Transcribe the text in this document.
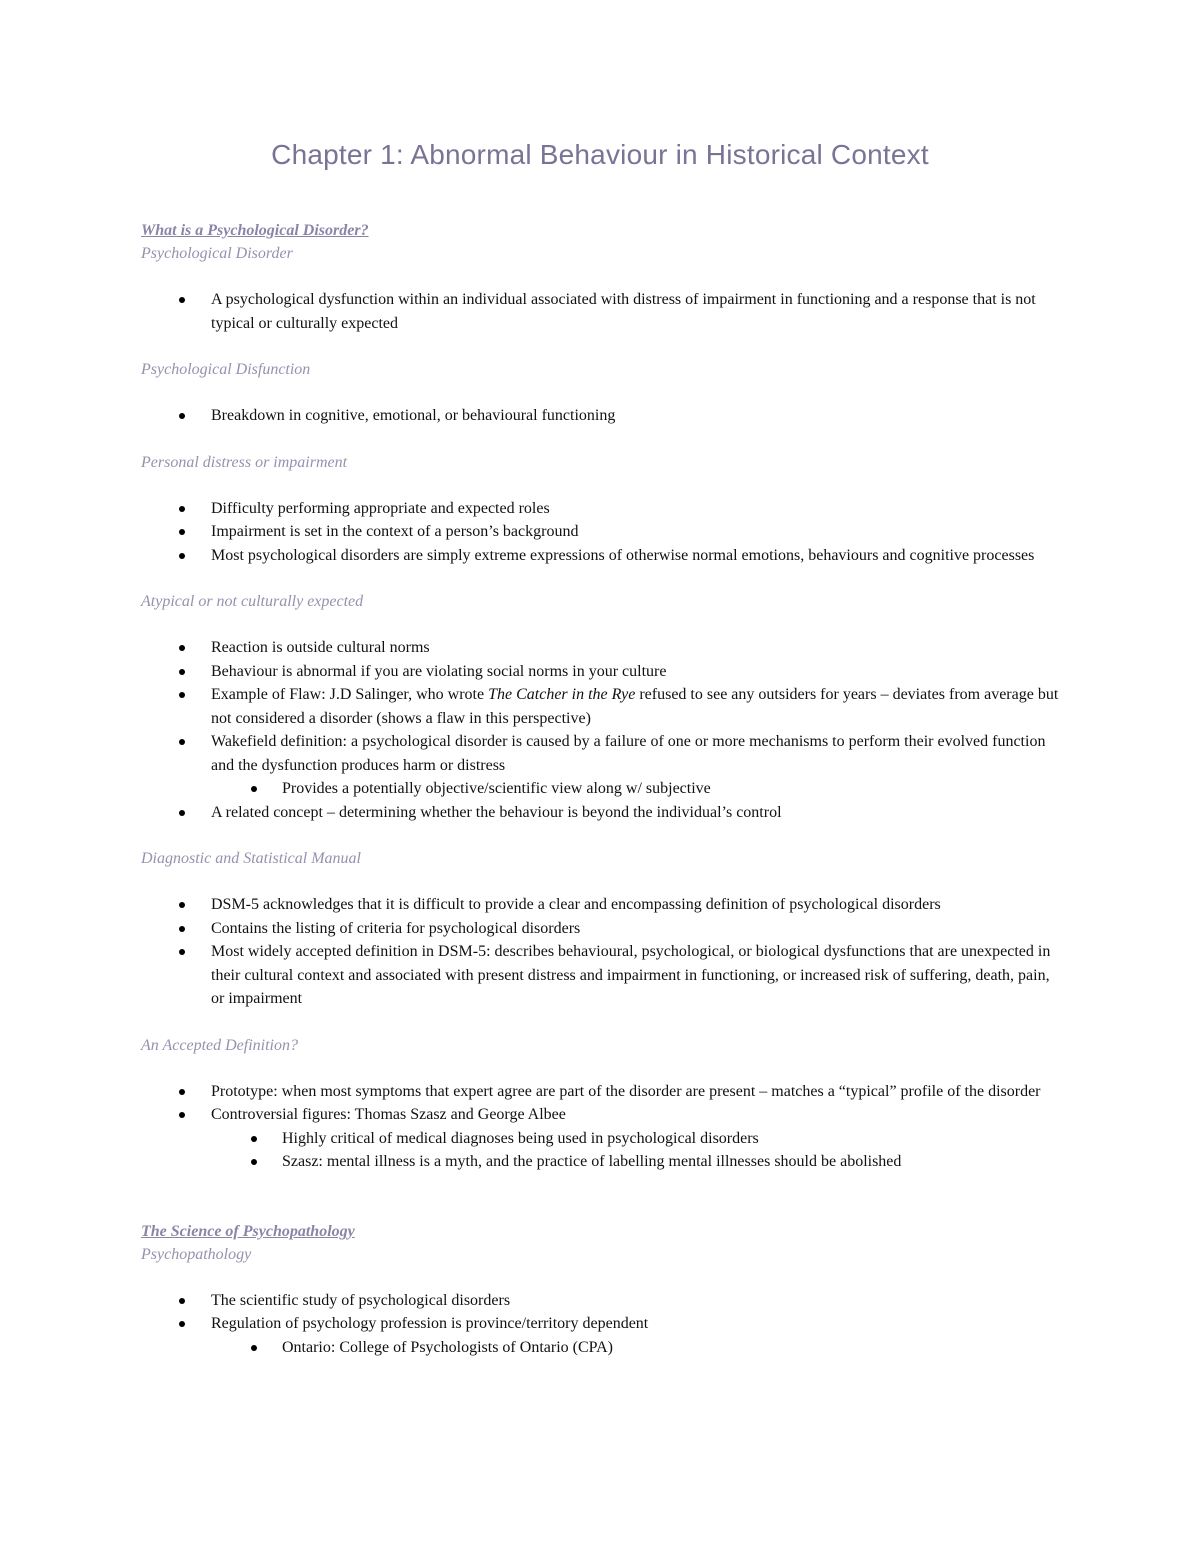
Chapter 1: Abnormal Behaviour in Historical Context
What is a Psychological Disorder?
Psychological Disorder
A psychological dysfunction within an individual associated with distress of impairment in functioning and a response that is not typical or culturally expected
Psychological Disfunction
Breakdown in cognitive, emotional, or behavioural functioning
Personal distress or impairment
Difficulty performing appropriate and expected roles
Impairment is set in the context of a person’s background
Most psychological disorders are simply extreme expressions of otherwise normal emotions, behaviours and cognitive processes
Atypical or not culturally expected
Reaction is outside cultural norms
Behaviour is abnormal if you are violating social norms in your culture
Example of Flaw: J.D Salinger, who wrote The Catcher in the Rye refused to see any outsiders for years – deviates from average but not considered a disorder (shows a flaw in this perspective)
Wakefield definition: a psychological disorder is caused by a failure of one or more mechanisms to perform their evolved function and the dysfunction produces harm or distress
Provides a potentially objective/scientific view along w/ subjective
A related concept – determining whether the behaviour is beyond the individual’s control
Diagnostic and Statistical Manual
DSM-5 acknowledges that it is difficult to provide a clear and encompassing definition of psychological disorders
Contains the listing of criteria for psychological disorders
Most widely accepted definition in DSM-5: describes behavioural, psychological, or biological dysfunctions that are unexpected in their cultural context and associated with present distress and impairment in functioning, or increased risk of suffering, death, pain, or impairment
An Accepted Definition?
Prototype: when most symptoms that expert agree are part of the disorder are present – matches a “typical” profile of the disorder
Controversial figures: Thomas Szasz and George Albee
Highly critical of medical diagnoses being used in psychological disorders
Szasz: mental illness is a myth, and the practice of labelling mental illnesses should be abolished
The Science of Psychopathology
Psychopathology
The scientific study of psychological disorders
Regulation of psychology profession is province/territory dependent
Ontario: College of Psychologists of Ontario (CPA)
